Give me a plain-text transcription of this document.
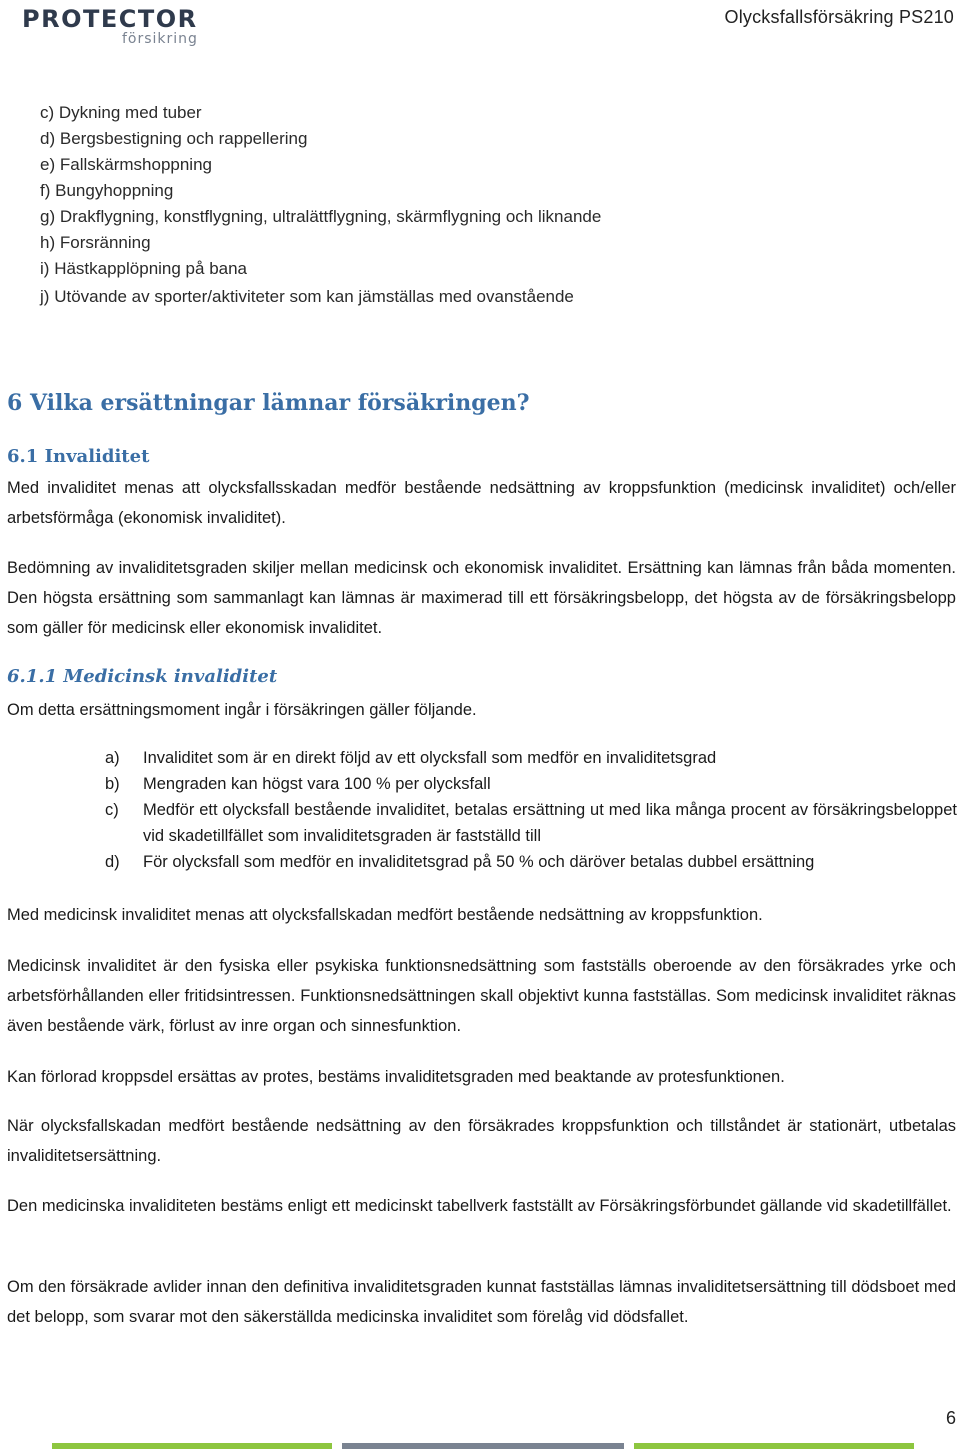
PROTECTOR
försikring
Olycksfallsförsäkring PS210
c) Dykning med tuber
d) Bergsbestigning och rappellering
e) Fallskärmshoppning
f) Bungyhoppning
g) Drakflygning, konstflygning, ultralättflygning, skärmflygning och liknande
h) Forsränning
i) Hästkapplöpning på bana
j) Utövande av sporter/aktiviteter som kan jämställas med ovanstående
6 Vilka ersättningar lämnar försäkringen?
6.1 Invaliditet

Med invaliditet menas att olycksfallsskadan medför bestående nedsättning av kroppsfunktion (medicinsk invaliditet) och/eller arbetsförmåga (ekonomisk invaliditet).

Bedömning av invaliditetsgraden skiljer mellan medicinsk och ekonomisk invaliditet. Ersättning kan lämnas från båda momenten. Den högsta ersättning som sammanlagt kan lämnas är maximerad till ett försäkringsbelopp, det högsta av de försäkringsbelopp som gäller för medicinsk eller ekonomisk invaliditet.

6.1.1 Medicinsk invaliditet

Om detta ersättningsmoment ingår i försäkringen gäller följande.

a) Invaliditet som är en direkt följd av ett olycksfall som medför en invaliditetsgrad
b) Mengraden kan högst vara 100 % per olycksfall
c) Medför ett olycksfall bestående invaliditet, betalas ersättning ut med lika många procent av försäkringsbeloppet vid skadetillfället som invaliditetsgraden är fastställd till
d) För olycksfall som medför en invaliditetsgrad på 50 % och däröver betalas dubbel ersättning

Med medicinsk invaliditet menas att olycksfallskadan medfört bestående nedsättning av kroppsfunktion.

Medicinsk invaliditet är den fysiska eller psykiska funktionsnedsättning som fastställs oberoende av den försäkrades yrke och arbetsförhållanden eller fritidsintressen. Funktionsnedsättningen skall objektivt kunna fastställas. Som medicinsk invaliditet räknas även bestående värk, förlust av inre organ och sinnesfunktion.

Kan förlorad kroppsdel ersättas av protes, bestäms invaliditetsgraden med beaktande av protesfunktionen.

När olycksfallskadan medfört bestående nedsättning av den försäkrades kroppsfunktion och tillståndet är stationärt, utbetalas invaliditetsersättning.

Den medicinska invaliditeten bestäms enligt ett medicinskt tabellverk fastställt av Försäkringsförbundet gällande vid skadetillfället.

Om den försäkrade avlider innan den definitiva invaliditetsgraden kunnat fastställas lämnas invaliditetsersättning till dödsboet med det belopp, som svarar mot den säkerställda medicinska invaliditet som förelåg vid dödsfallet.

6
